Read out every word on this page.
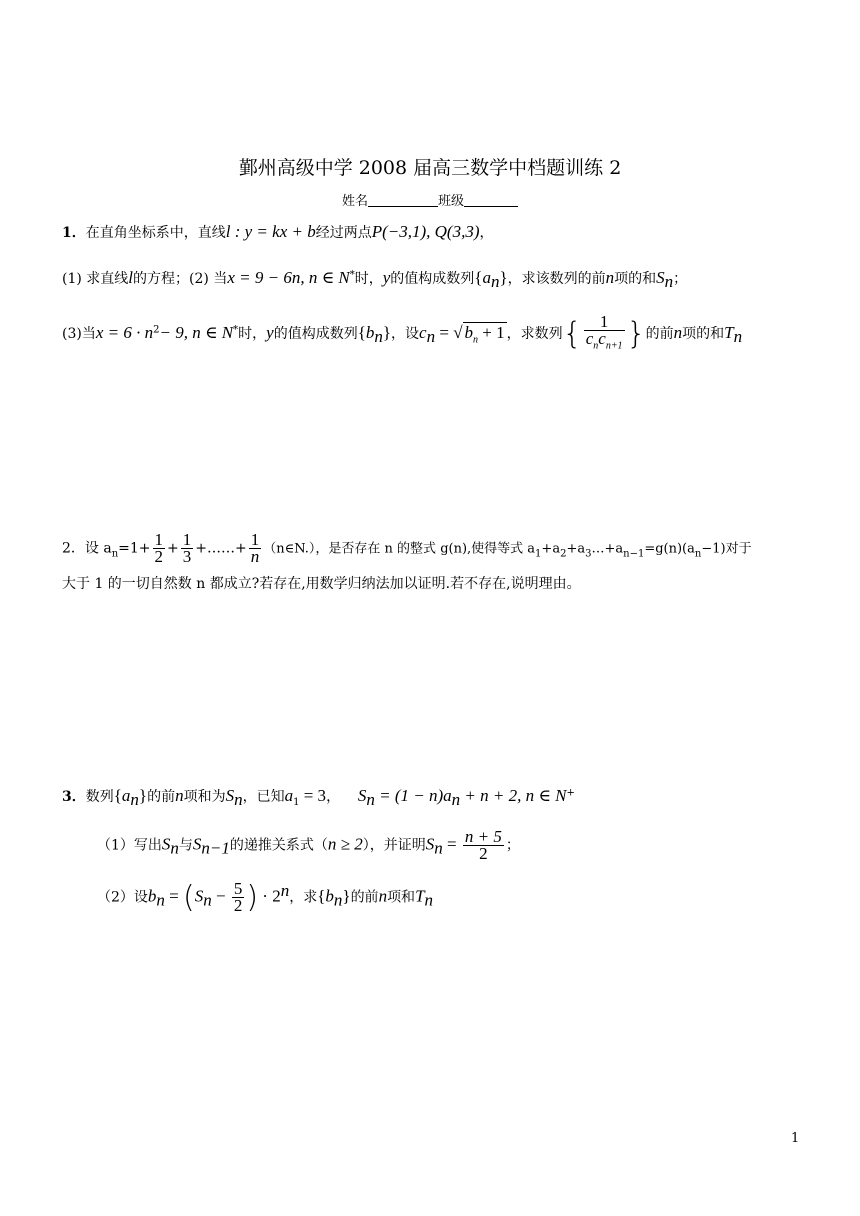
鄞州高级中学 2008 届高三数学中档题训练 2
姓名	班级
1．在直角坐标系中，直线l : y = kx + b经过两点P(−3,1), Q(3,3)，
(1) 求直线l的方程；(2) 当x = 9 − 6n, n ∈ N*时，y的值构成数列$\{a_n\}$，求该数列的前n项的和$S_n$；
(3)当$x = 6 \cdot n^2- 9$, n ∈ N*时，y的值构成数列$\{b_n\}$，设$c_n$ = √ $b_n + 1$ ，求数列{ $\frac{1}{c_nc_{n+1}}$ }的前n项的和$T_n$
2．设 $a_n=1+ \frac{1}{2} + \frac{1}{3}$ +……+ $\frac{1}{n}$ （n∈N.），是否存在 n 的整式 g(n),使得等式 $a_1+a_2+a_3\dots+a_{n-1}=g(n)(a_n-1)$对于
大于 1 的一切自然数 n 都成立?若存在,用数学归纳法加以证明.若不存在,说明理由。
3．数列$\{a_n\}$的前n项和为$S_n$，已知$a_1 = 3$， $S_n = (1 - n)a_n + n + 2$, n ∈ N+
（1）写出$S_n$与$S_{n-1}$的递推关系式（n ≥ 2），并证明$S_n = \frac{n + 5}{2}$ ；
（2）设$b_n = (S_n - \frac{5}{2}$ ) · $2^n$，求$\{b_n\}$的前n项和$T_n$
1
